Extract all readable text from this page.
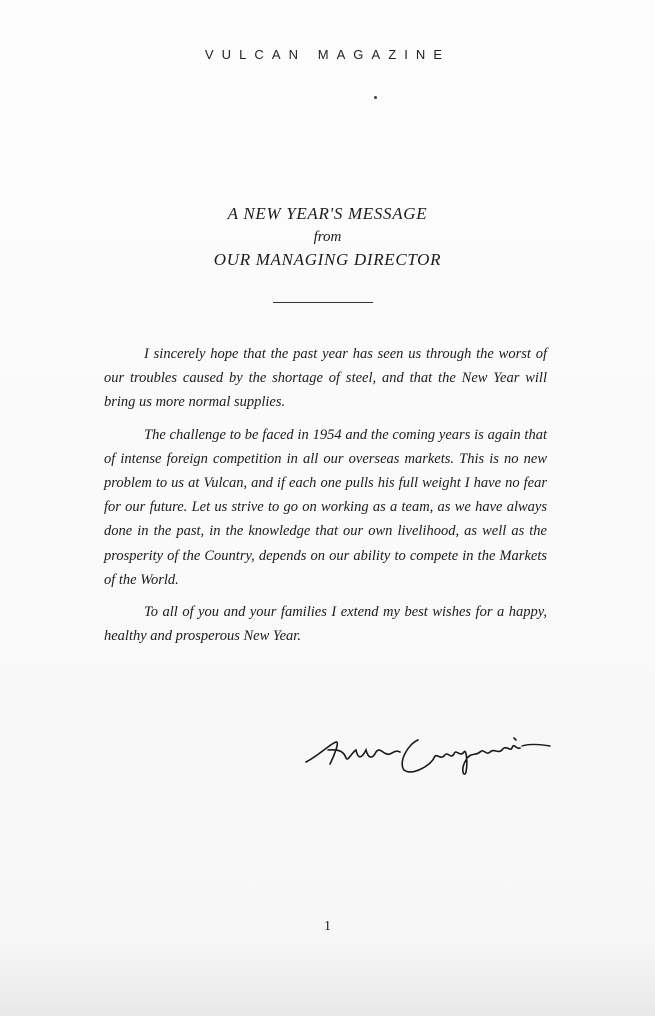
VULCAN MAGAZINE
A NEW YEAR'S MESSAGE
from
OUR MANAGING DIRECTOR

I sincerely hope that the past year has seen us through the worst of our troubles caused by the shortage of steel, and that the New Year will bring us more normal supplies.

The challenge to be faced in 1954 and the coming years is again that of intense foreign competition in all our overseas markets. This is no new problem to us at Vulcan, and if each one pulls his full weight I have no fear for our future. Let us strive to go on working as a team, as we have always done in the past, in the knowledge that our own livelihood, as well as the prosperity of the Country, depends on our ability to compete in the Markets of the World.

To all of you and your families I extend my best wishes for a happy, healthy and prosperous New Year.

1
